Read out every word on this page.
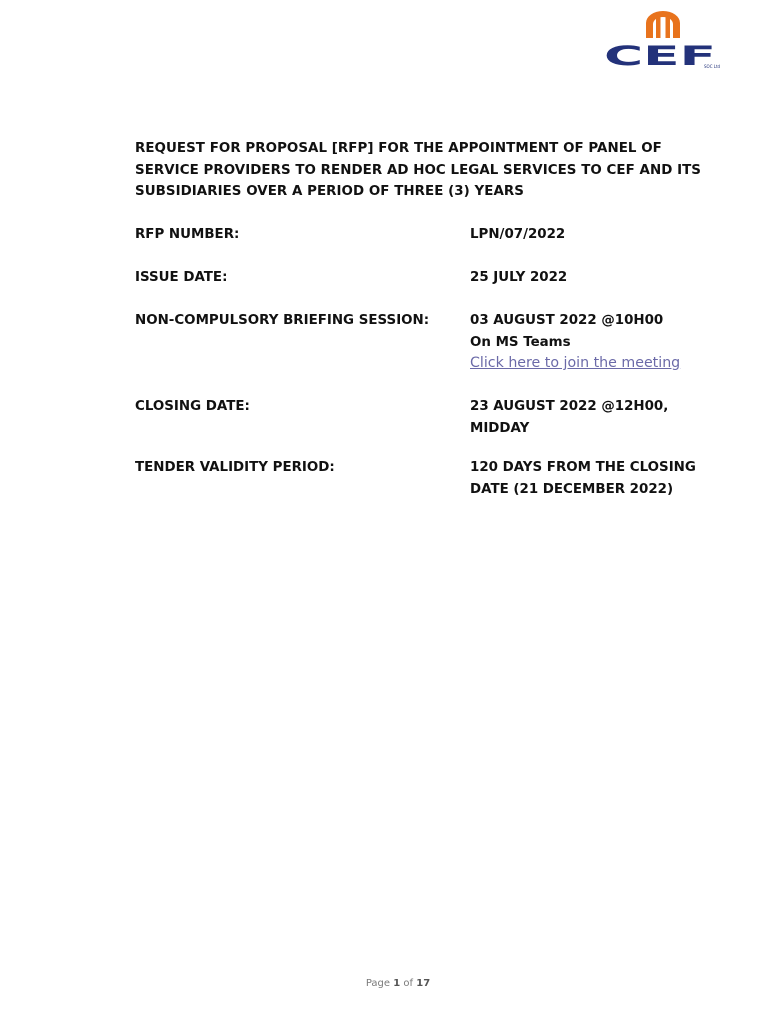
CEF
SOC Ltd
REQUEST FOR PROPOSAL [RFP] FOR THE APPOINTMENT OF PANEL OF SERVICE PROVIDERS TO RENDER AD HOC LEGAL SERVICES TO CEF AND ITS SUBSIDIARIES OVER A PERIOD OF THREE (3) YEARS
RFP NUMBER:	LPN/07/2022
ISSUE DATE:	25 JULY 2022
NON-COMPULSORY BRIEFING SESSION:	03 AUGUST 2022 @10H00
On MS Teams
Click here to join the meeting
CLOSING DATE:	23 AUGUST 2022 @12H00,
MIDDAY
TENDER VALIDITY PERIOD:	120 DAYS FROM THE CLOSING
DATE (21 DECEMBER 2022)
Page 1 of 17
